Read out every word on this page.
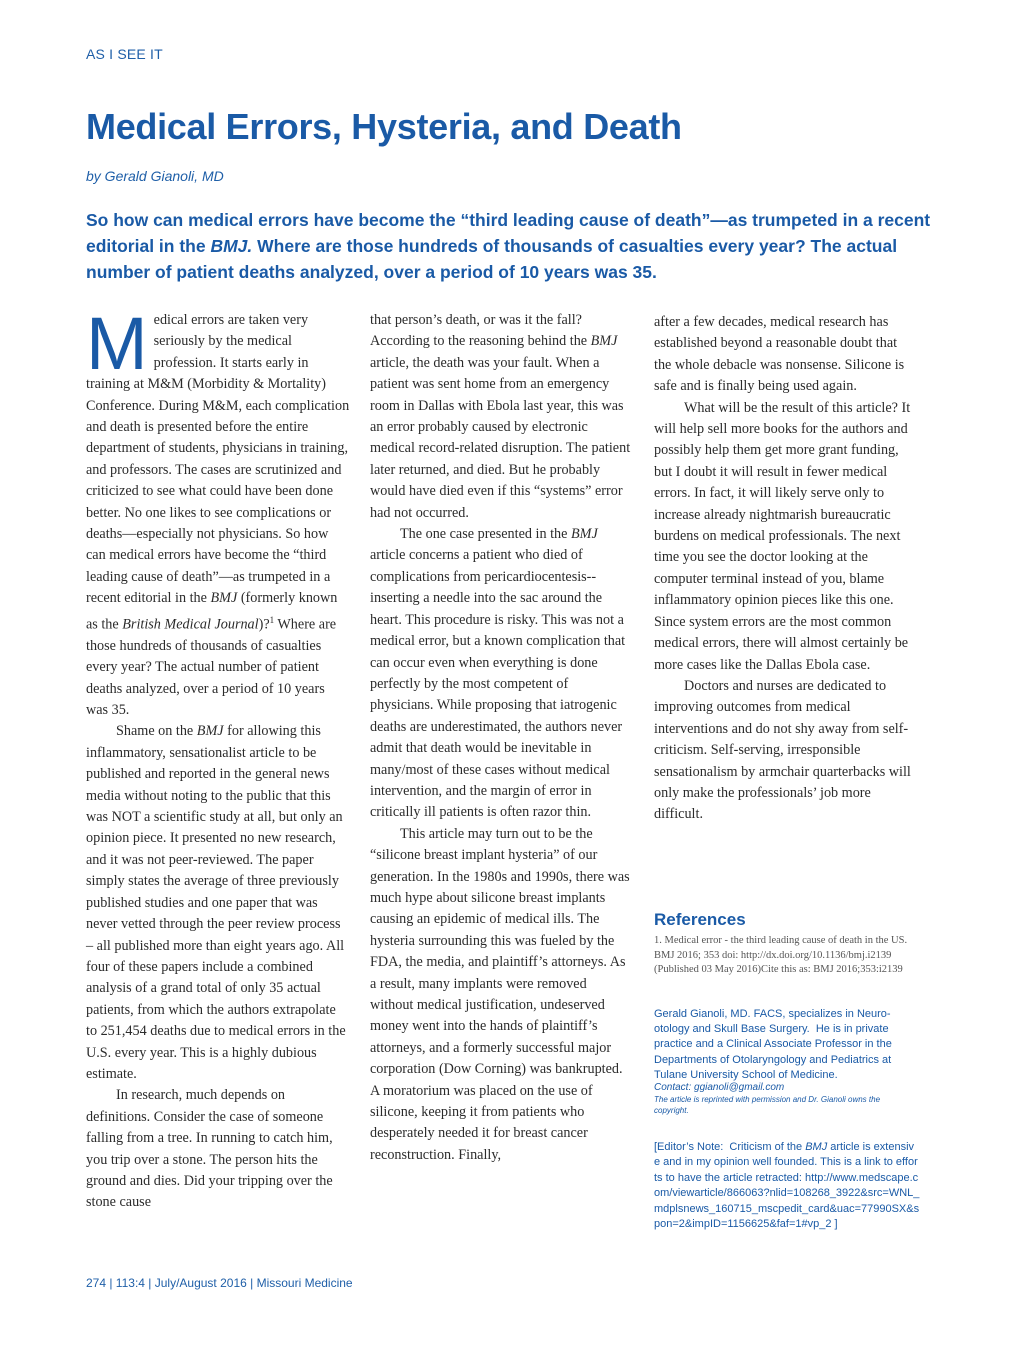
AS I SEE IT
Medical Errors, Hysteria, and Death
by Gerald Gianoli, MD

So how can medical errors have become the “third leading cause of death”—as trumpeted in a recent editorial in the BMJ. Where are those hundreds of thousands of casualties every year? The actual number of patient deaths analyzed, over a period of 10 years was 35.

Medical errors are taken very seriously by the medical profession. It starts early in training at M&M (Morbidity & Mortality) Conference. During M&M, each complication and death is presented before the entire department of students, physicians in training, and professors. The cases are scrutinized and criticized to see what could have been done better. No one likes to see complications or deaths—especially not physicians. So how can medical errors have become the “third leading cause of death”—as trumpeted in a recent editorial in the BMJ (formerly known as the British Medical Journal)?$^1$ Where are those hundreds of thousands of casualties every year? The actual number of patient deaths analyzed, over a period of 10 years was 35.

Shame on the BMJ for allowing this inflammatory, sensationalist article to be published and reported in the general news media without noting to the public that this was NOT a scientific study at all, but only an opinion piece. It presented no new research, and it was not peer-reviewed. The paper simply states the average of three previously published studies and one paper that was never vetted through the peer review process – all published more than eight years ago. All four of these papers include a combined analysis of a grand total of only 35 actual patients, from which the authors extrapolate to 251,454 deaths due to medical errors in the U.S. every year. This is a highly dubious estimate.

In research, much depends on definitions. Consider the case of someone falling from a tree. In running to catch him, you trip over a stone. The person hits the ground and dies. Did your tripping over the stone cause

that person’s death, or was it the fall? According to the reasoning behind the BMJ article, the death was your fault. When a patient was sent home from an emergency room in Dallas with Ebola last year, this was an error probably caused by electronic medical record-related disruption. The patient later returned, and died. But he probably would have died even if this “systems” error had not occurred.

The one case presented in the BMJ article concerns a patient who died of complications from pericardiocentesis--inserting a needle into the sac around the heart. This procedure is risky. This was not a medical error, but a known complication that can occur even when everything is done perfectly by the most competent of physicians. While proposing that iatrogenic deaths are underestimated, the authors never admit that death would be inevitable in many/most of these cases without medical intervention, and the margin of error in critically ill patients is often razor thin.

This article may turn out to be the “silicone breast implant hysteria” of our generation. In the 1980s and 1990s, there was much hype about silicone breast implants causing an epidemic of medical ills. The hysteria surrounding this was fueled by the FDA, the media, and plaintiff’s attorneys. As a result, many implants were removed without medical justification, undeserved money went into the hands of plaintiff’s attorneys, and a formerly successful major corporation (Dow Corning) was bankrupted. A moratorium was placed on the use of silicone, keeping it from patients who desperately needed it for breast cancer reconstruction. Finally,

after a few decades, medical research has established beyond a reasonable doubt that the whole debacle was nonsense. Silicone is safe and is finally being used again.

What will be the result of this article? It will help sell more books for the authors and possibly help them get more grant funding, but I doubt it will result in fewer medical errors. In fact, it will likely serve only to increase already nightmarish bureaucratic burdens on medical professionals. The next time you see the doctor looking at the computer terminal instead of you, blame inflammatory opinion pieces like this one. Since system errors are the most common medical errors, there will almost certainly be more cases like the Dallas Ebola case.

Doctors and nurses are dedicated to improving outcomes from medical interventions and do not shy away from self-criticism. Self-serving, irresponsible sensationalism by armchair quarterbacks will only make the professionals’ job more difficult.

References

1. Medical error - the third leading cause of death in the US.   BMJ 2016; 353 doi: http://dx.doi.org/10.1136/bmj.i2139 (Published 03 May 2016)Cite this as: BMJ 2016;353:i2139

Gerald Gianoli, MD. FACS, specializes in Neuro-otology and Skull Base Surgery.  He is in private practice and a Clinical Associate Professor in the Departments of Otolaryngology and Pediatrics at Tulane University School of Medicine.

Contact: ggianoli@gmail.com
The article is reprinted with permission and Dr. Gianoli owns the copyright.

[Editor’s Note:  Criticism of the BMJ article is extensive and in my opinion well founded. This is a link to efforts to have the article retracted: http://www.medscape.com/viewarticle/866063?nlid=108268_3922&src=WNL_mdplsnews_160715_mscpedit_card&uac=77990SX&spon=2&impID=1156625&faf=1#vp_2 ]

274 | 113:4 | July/August 2016 | Missouri Medicine
